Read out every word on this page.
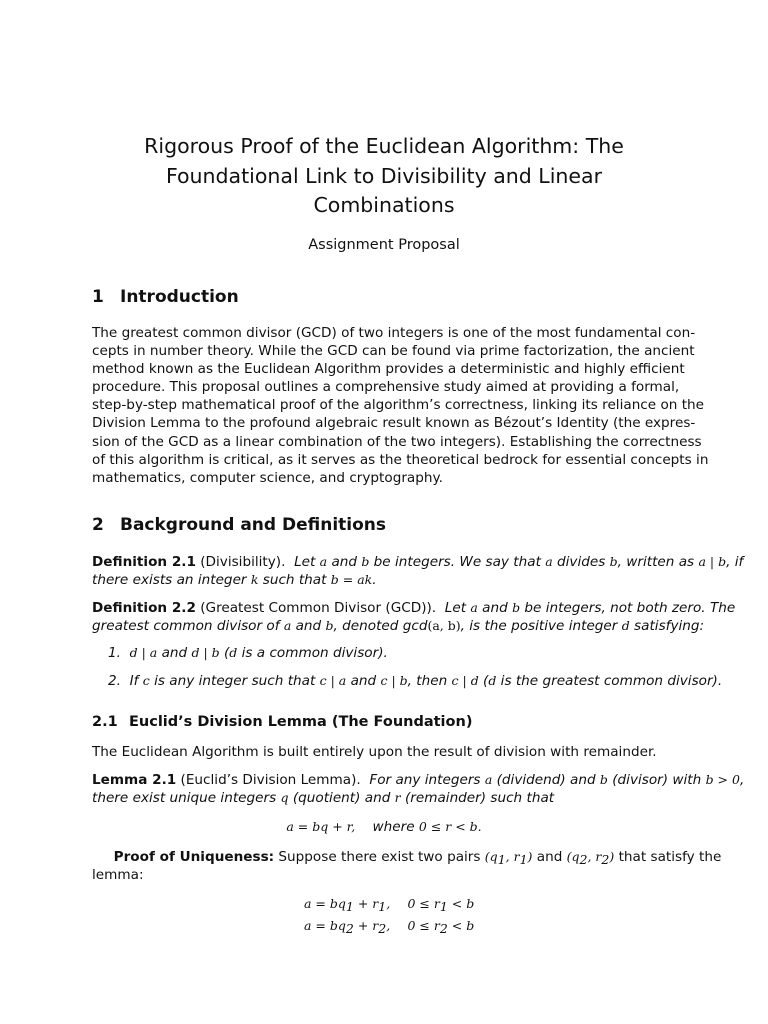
Rigorous Proof of the Euclidean Algorithm: The
Foundational Link to Divisibility and Linear
Combinations

Assignment Proposal

1 Introduction
The greatest common divisor (GCD) of two integers is one of the most fundamental con-
cepts in number theory. While the GCD can be found via prime factorization, the ancient
method known as the Euclidean Algorithm provides a deterministic and highly efficient
procedure. This proposal outlines a comprehensive study aimed at providing a formal,
step-by-step mathematical proof of the algorithm’s correctness, linking its reliance on the
Division Lemma to the profound algebraic result known as Bézout’s Identity (the expres-
sion of the GCD as a linear combination of the two integers). Establishing the correctness
of this algorithm is critical, as it serves as the theoretical bedrock for essential concepts in
mathematics, computer science, and cryptography.
2 Background and Definitions
Definition 2.1 (Divisibility). Let a and b be integers. We say that a divides b, written as a | b, if
there exists an integer k such that b = ak.
Definition 2.2 (Greatest Common Divisor (GCD)). Let a and b be integers, not both zero. The
greatest common divisor of a and b, denoted gcd(a, b), is the positive integer d satisfying:
1. d | a and d | b (d is a common divisor).
2. If c is any integer such that c | a and c | b, then c | d (d is the greatest common divisor).
2.1 Euclid’s Division Lemma (The Foundation)

The Euclidean Algorithm is built entirely upon the result of division with remainder.

Lemma 2.1 (Euclid’s Division Lemma). For any integers a (dividend) and b (divisor) with b > 0,
there exist unique integers q (quotient) and r (remainder) such that
a = bq + r, where 0 ≤ r < b.
Proof of Uniqueness: Suppose there exist two pairs ($q_1$, $r_1$) and ($q_2$, $r_2$) that satisfy the
lemma:
$a = bq_1 + r_1$, $0 \le r_1 < b$
$a = bq_2 + r_2$, $0 \le r_2 < b$
